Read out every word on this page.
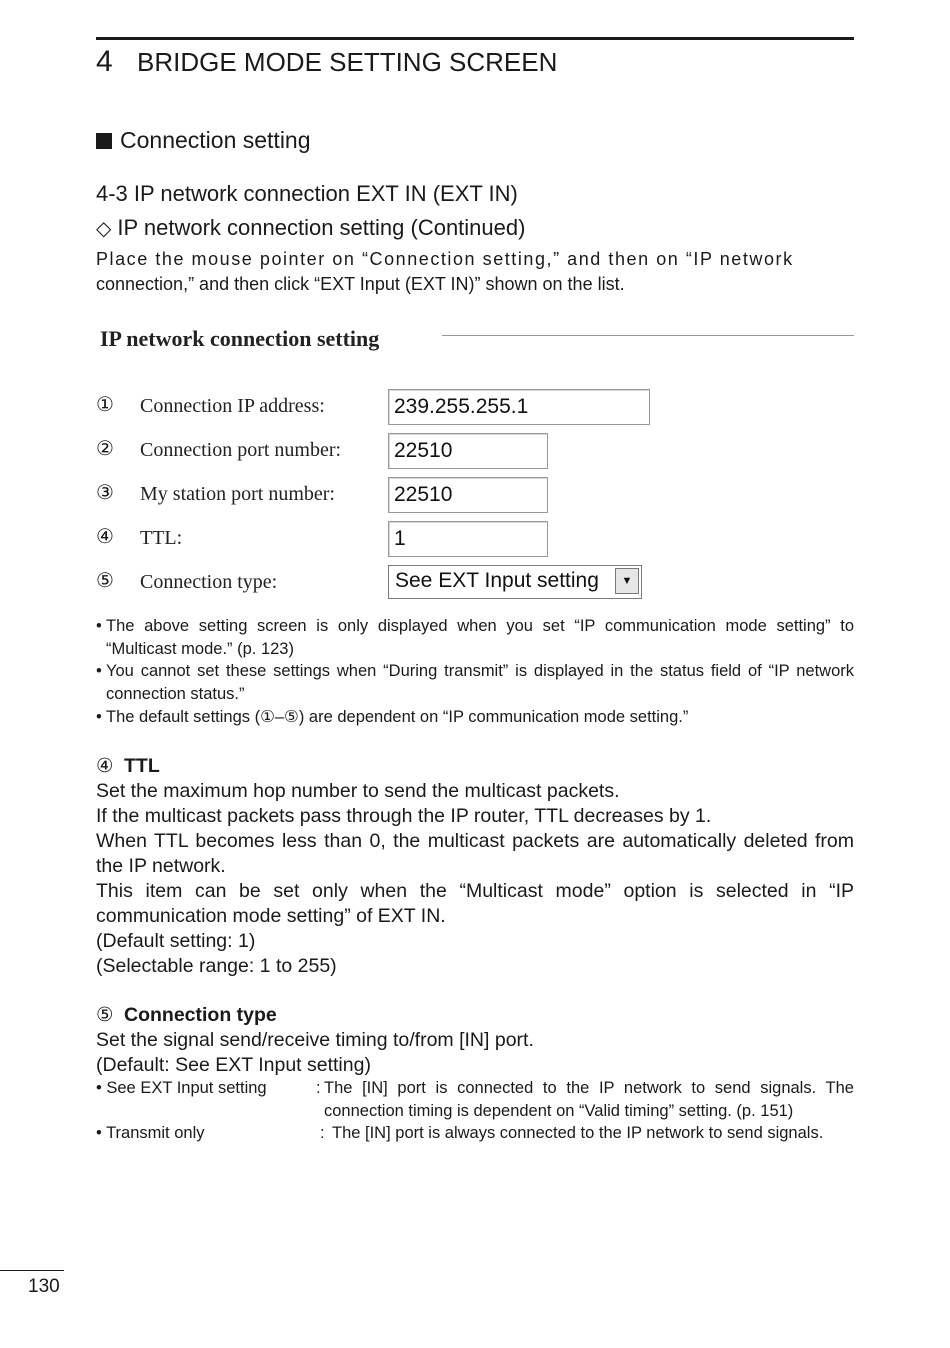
4 BRIDGE MODE SETTING SCREEN
Connection setting
4-3 IP network connection EXT IN (EXT IN)
◇ IP network connection setting (Continued)
Place the mouse pointer on “Connection setting,” and then on “IP network
connection,” and then click “EXT Input (EXT IN)” shown on the list.
IP network connection setting
① Connection IP address:
239.255.255.1
② Connection port number:
22510
③ My station port number:
22510
④ TTL:
1
⑤ Connection type:	See EXT Input setting	▼
• The above setting screen is only displayed when you set “IP communication mode setting” to “Multicast mode.” (p. 123)
• You cannot set these settings when “During transmit” is displayed in the status field of “IP network connection status.”
• The default settings (①–⑤) are dependent on “IP communication mode setting.”
④ TTL
Set the maximum hop number to send the multicast packets.
If the multicast packets pass through the IP router, TTL decreases by 1.
When TTL becomes less than 0, the multicast packets are automatically deleted from the IP network.
This item can be set only when the “Multicast mode” option is selected in “IP communication mode setting” of EXT IN.
(Default setting: 1)
(Selectable range: 1 to 255)
⑤ Connection type
Set the signal send/receive timing to/from [IN] port.
(Default: See EXT Input setting)
• See EXT Input setting	: The [IN] port is connected to the IP network to send signals. The connection timing is dependent on “Valid timing” setting. (p. 151)
• Transmit only	: The [IN] port is always connected to the IP network to send signals.
130
